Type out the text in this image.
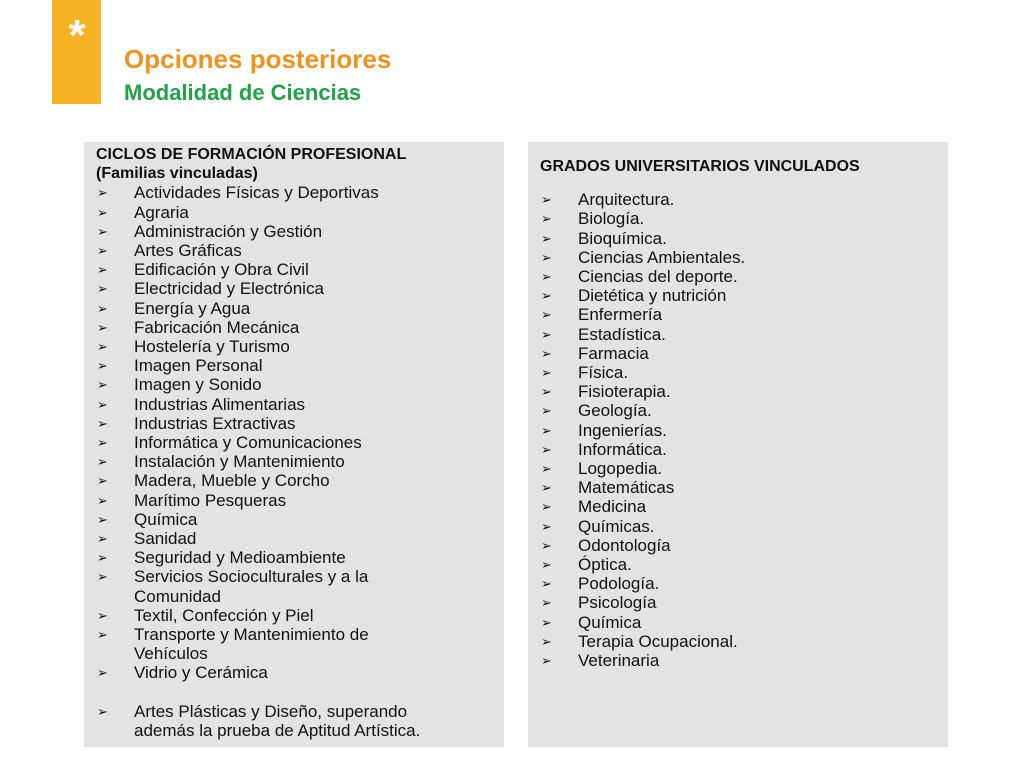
* Opciones posteriores
Modalidad de Ciencias

CICLOS DE FORMACIÓN PROFESIONAL

(Familias vinculadas)

➢ Actividades Físicas y Deportivas
➢ Agraria
➢ Administración y Gestión
➢ Artes Gráficas
➢ Edificación y Obra Civil
➢ Electricidad y Electrónica
➢ Energía y Agua
➢ Fabricación Mecánica
➢ Hostelería y Turismo
➢ Imagen Personal
➢ Imagen y Sonido
➢ Industrias Alimentarias
➢ Industrias Extractivas
➢ Informática y Comunicaciones
➢ Instalación y Mantenimiento
➢ Madera, Mueble y Corcho
➢ Marítimo Pesqueras
➢ Química
➢ Sanidad
➢ Seguridad y Medioambiente
➢ Servicios Socioculturales y a la
Comunidad
➢ Textil, Confección y Piel
➢ Transporte y Mantenimiento de
Vehículos
➢ Vidrio y Cerámica
➢ Artes Plásticas y Diseño, superando
además la prueba de Aptitud Artística.

GRADOS UNIVERSITARIOS VINCULADOS

➢ Arquitectura.
➢ Biología.
➢ Bioquímica.
➢ Ciencias Ambientales.
➢ Ciencias del deporte.
➢ Dietética y nutrición
➢ Enfermería
➢ Estadística.
➢ Farmacia
➢ Física.
➢ Fisioterapia.
➢ Geología.
➢ Ingenierías.
➢ Informática.
➢ Logopedia.
➢ Matemáticas
➢ Medicina
➢ Químicas.
➢ Odontología
➢ Óptica.
➢ Podología.
➢ Psicología
➢ Química
➢ Terapia Ocupacional.
➢ Veterinaria
